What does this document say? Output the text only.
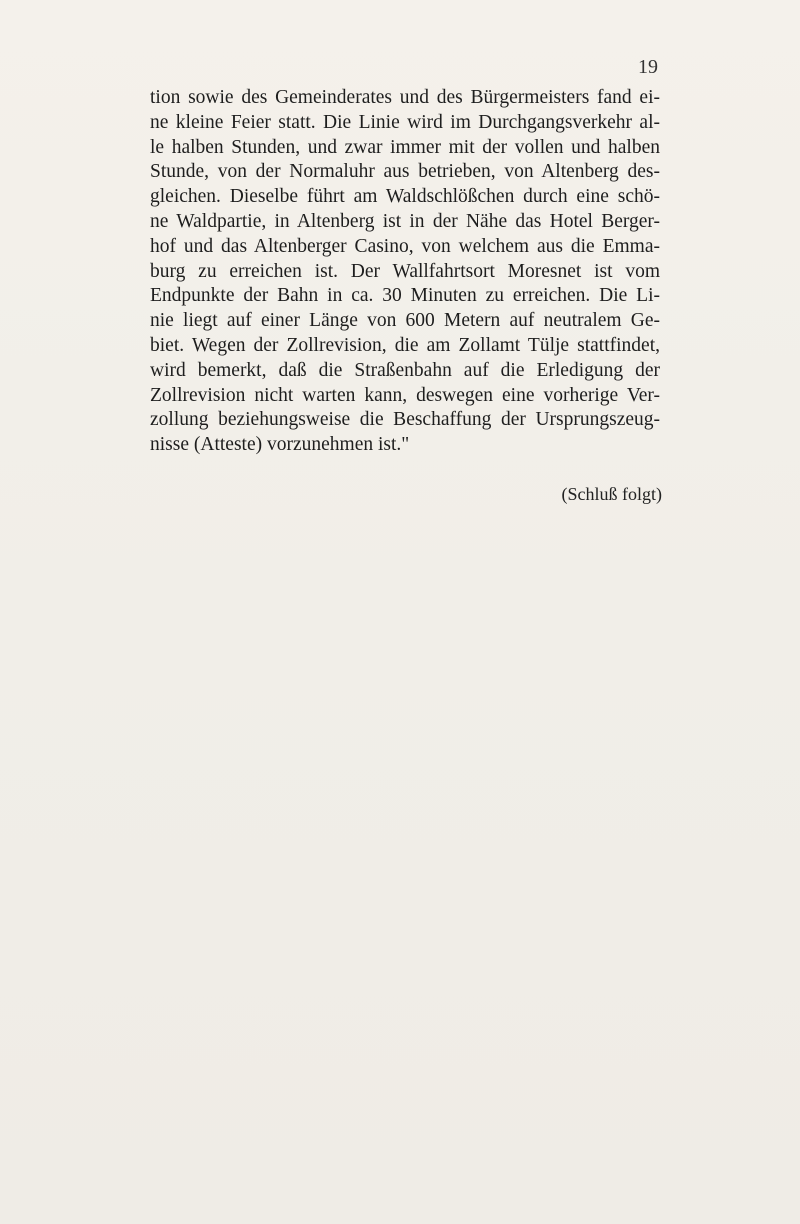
19
tion sowie des Gemeinderates und des Bürgermeisters fand ei-
ne kleine Feier statt. Die Linie wird im Durchgangsverkehr al-
le halben Stunden, und zwar immer mit der vollen und halben
Stunde, von der Normaluhr aus betrieben, von Altenberg des-
gleichen. Dieselbe führt am Waldschlößchen durch eine schö-
ne Waldpartie, in Altenberg ist in der Nähe das Hotel Berger-
hof und das Altenberger Casino, von welchem aus die Emma-
burg zu erreichen ist. Der Wallfahrtsort Moresnet ist vom
Endpunkte der Bahn in ca. 30 Minuten zu erreichen. Die Li-
nie liegt auf einer Länge von 600 Metern auf neutralem Ge-
biet. Wegen der Zollrevision, die am Zollamt Tülje stattfindet,
wird bemerkt, daß die Straßenbahn auf die Erledigung der
Zollrevision nicht warten kann, deswegen eine vorherige Ver-
zollung beziehungsweise die Beschaffung der Ursprungszeug-
nisse (Atteste) vorzunehmen ist."
(Schluß folgt)
